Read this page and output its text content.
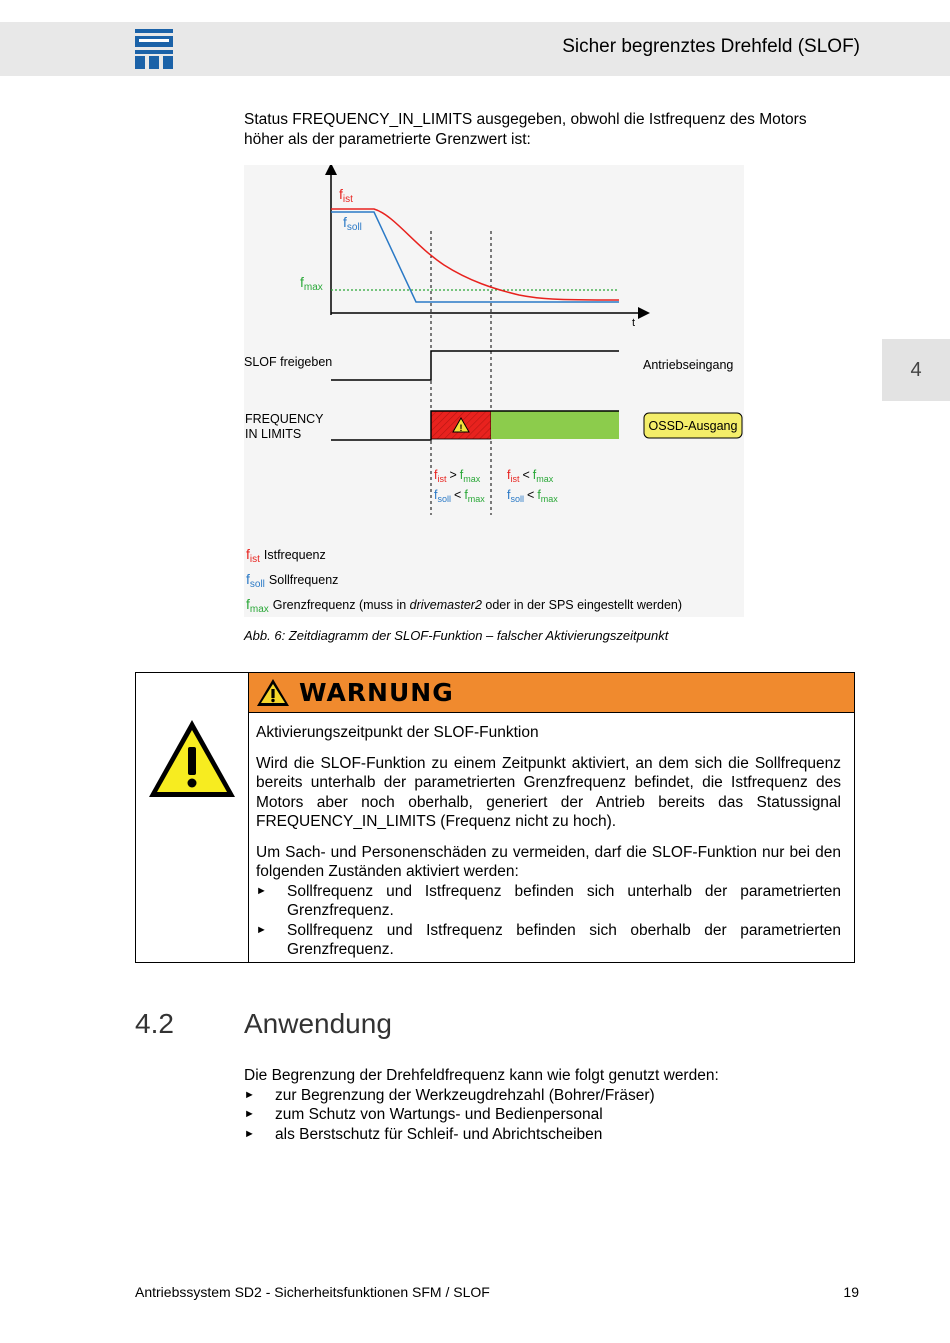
Sicher begrenztes Drehfeld (SLOF)
4
Status FREQUENCY_IN_LIMITS ausgegeben, obwohl die Istfrequenz des Motors höher als der parametrierte Grenzwert ist:
t
$f_{ist}$
$f_{soll}$
$f_{max}$
SLOF freigeben	Antriebseingang
FREQUENCY
IN LIMITS	!	OSSD-Ausgang
$f_{ist} > f_{max}$
$f_{soll} < f_{max}$
$f_{ist} < f_{max}$
$f_{soll} < f_{max}$
$f_{ist}$ Istfrequenz
$f_{soll}$ Sollfrequenz
$f_{max}$ Grenzfrequenz (muss in drivemaster2 oder in der SPS eingestellt werden)
Abb. 6: Zeitdiagramm der SLOF-Funktion – falscher Aktivierungszeitpunkt
WARNUNG

Aktivierungszeitpunkt der SLOF-Funktion

Wird die SLOF-Funktion zu einem Zeitpunkt aktiviert, an dem sich die Sollfrequenz bereits unterhalb der parametrierten Grenzfrequenz befindet, die Istfrequenz des Motors aber noch oberhalb, generiert der Antrieb bereits das Statussignal FREQUENCY_IN_LIMITS (Frequenz nicht zu hoch).

Um Sach- und Personenschäden zu vermeiden, darf die SLOF-Funktion nur bei den folgenden Zuständen aktiviert werden:

► Sollfrequenz und Istfrequenz befinden sich unterhalb der parametrierten Grenzfrequenz.
► Sollfrequenz und Istfrequenz befinden sich oberhalb der parametrierten Grenzfrequenz.
4.2	Anwendung
Die Begrenzung der Drehfeldfrequenz kann wie folgt genutzt werden:
► zur Begrenzung der Werkzeugdrehzahl (Bohrer/Fräser)
► zum Schutz von Wartungs- und Bedienpersonal
► als Berstschutz für Schleif- und Abrichtscheiben
Antriebssystem SD2 - Sicherheitsfunktionen SFM / SLOF	19
